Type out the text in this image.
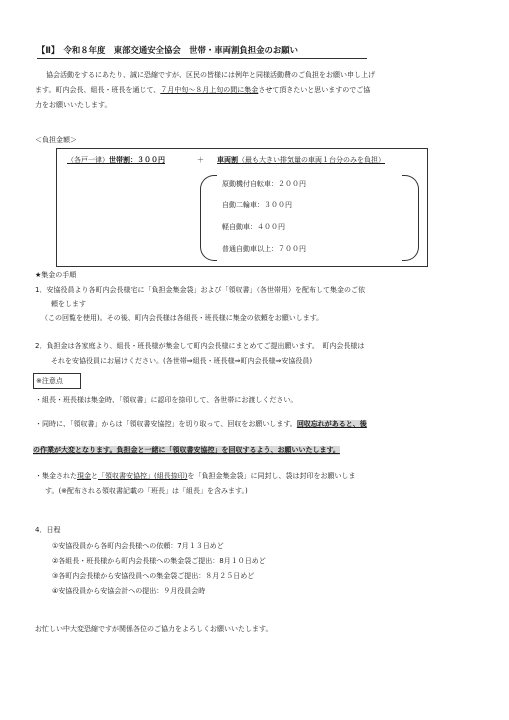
【Ⅱ】　令和８年度　東部交通安全協会　世帯・車両割負担金のお願い
協会活動をするにあたり、誠に恐縮ですが、区民の皆様には例年と同様活動費のご負担をお願い申し上げ
ます。町内会長、組長・班長を通じて、７月中旬〜８月上旬の間に集金させて頂きたいと思いますのでご協
力をお願いいたします。
＜負担金額＞
（各戸一律）世帯割：３００円	＋ 車両割（最も大きい排気量の車両１台分のみを負担）
原動機付自転車：２００円
自動二輪車：３００円
軽自動車：４００円
普通自動車以上：７００円
★集金の手順
1．安協役員より各町内会長様宅に「負担金集金袋」および「領収書」（各世帯用）を配布して集金のご依
頼をします
（この回覧を使用)。その後、町内会長様は各組長・班長様に集金の依頼をお願いします。
2．負担金は各家庭より、組長・班長様が集金して町内会長様にまとめてご提出願います。　町内会長様は
それを安協役員にお届けください。(各世帯⇒組長・班長様⇒町内会長様⇒安協役員)
※注意点
・組長・班長様は集金時、「領収書」に認印を捺印して、各世帯にお渡しください。
・同時に、「領収書」からは「領収書安協控」を切り取って、回収をお願いします。回収忘れがあると、後
の作業が大変となります。負担金と一緒に「領収書安協控」を回収するよう、お願いいたします。
・集金された現金と「領収書安協控」(組長捺印)を「負担金集金袋」に同封し、袋は封印をお願いしま
す。(※配布される領収書記載の「班長」は「組長」を含みます。)
4．日程
①安協役員から各町内会長様への依頼：7月１３日めど
②各組長・班長様から町内会長様への集金袋ご提出：8月１０日めど
③各町内会長様から安協役員への集金袋ご提出：８月２５日めど
④安協役員から安協会計への提出：９月役員会時
お忙しい中大変恐縮ですが関係各位のご協力をよろしくお願いいたします。
